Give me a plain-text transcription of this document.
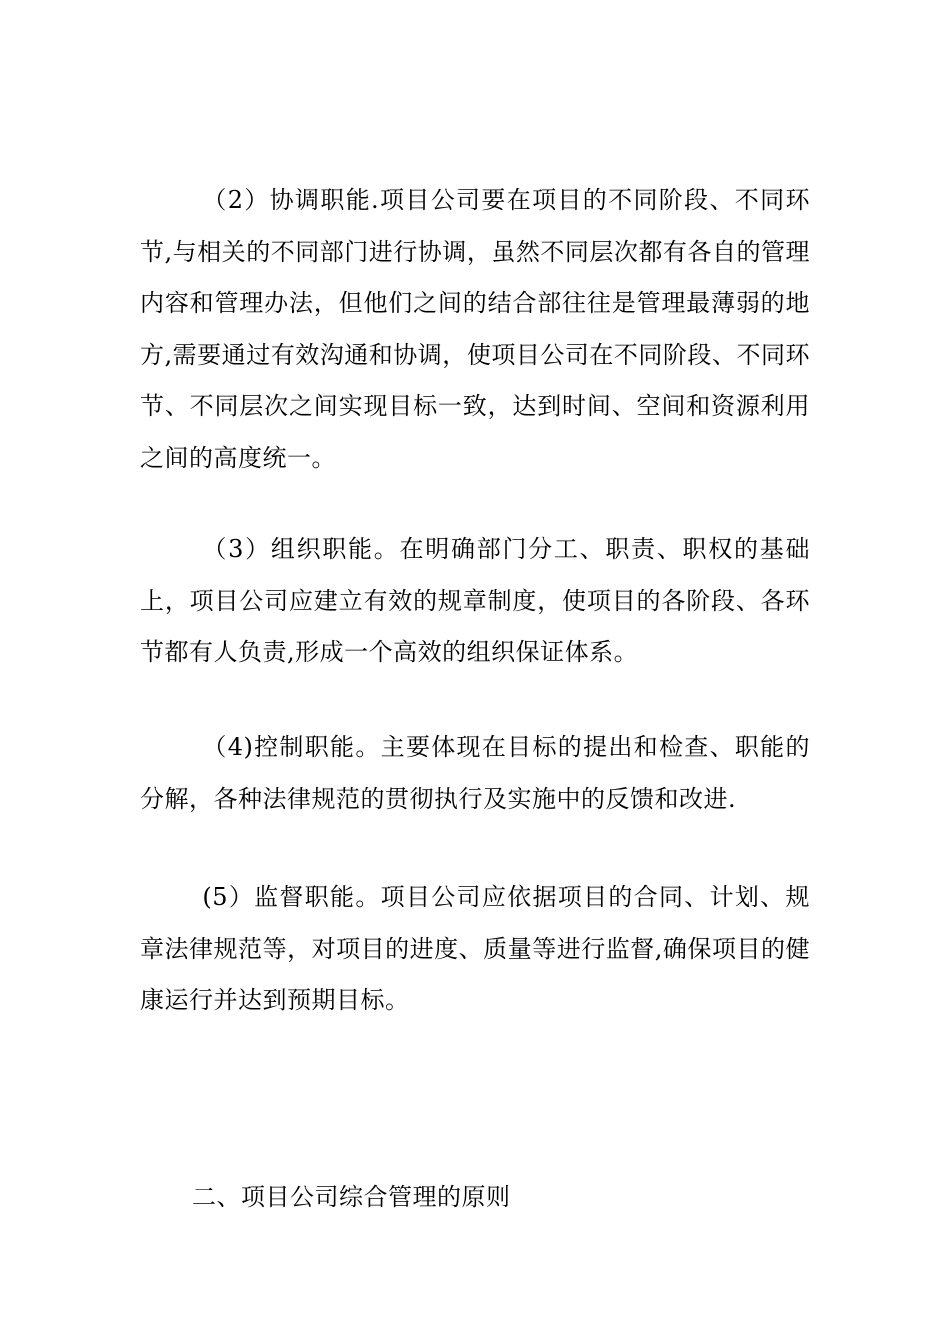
（2）协调职能.项目公司要在项目的不同阶段、不同环节,与相关的不同部门进行协调，虽然不同层次都有各自的管理内容和管理办法，但他们之间的结合部往往是管理最薄弱的地方,需要通过有效沟通和协调，使项目公司在不同阶段、不同环节、不同层次之间实现目标一致，达到时间、空间和资源利用之间的高度统一。

（3）组织职能。在明确部门分工、职责、职权的基础上，项目公司应建立有效的规章制度，使项目的各阶段、各环节都有人负责,形成一个高效的组织保证体系。

（4)控制职能。主要体现在目标的提出和检查、职能的分解，各种法律规范的贯彻执行及实施中的反馈和改进.

(5）监督职能。项目公司应依据项目的合同、计划、规章法律规范等，对项目的进度、质量等进行监督,确保项目的健康运行并达到预期目标。

二、项目公司综合管理的原则
